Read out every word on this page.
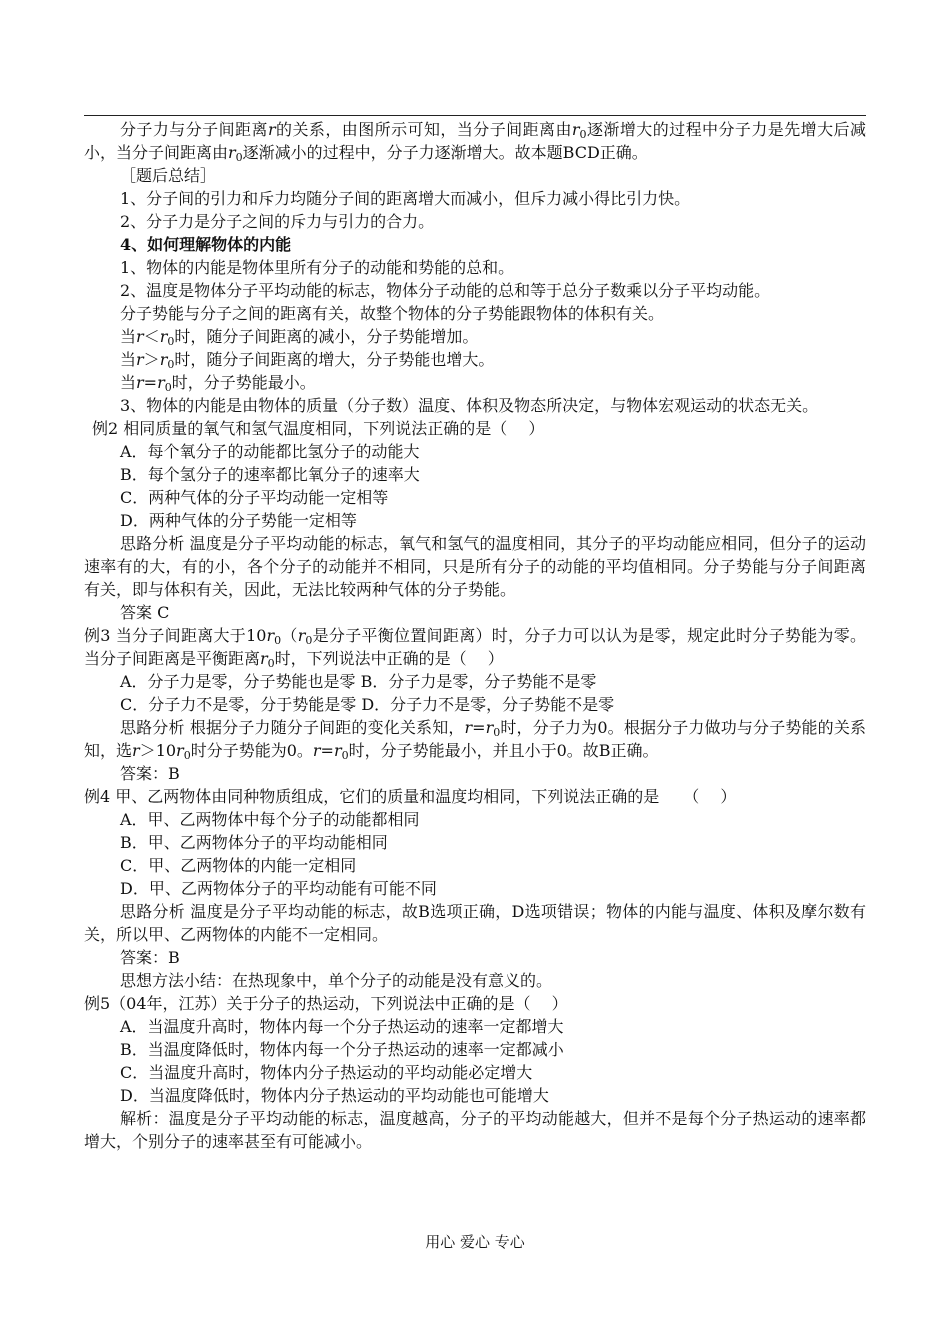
分子力与分子间距离r的关系，由图所示可知，当分子间距离由$r_0$逐渐增大的过程中分子力是先增大后减小，当分子间距离由$r_0$逐渐减小的过程中，分子力逐渐增大。故本题BCD正确。

［题后总结］

1、分子间的引力和斥力均随分子间的距离增大而减小，但斥力减小得比引力快。

2、分子力是分子之间的斥力与引力的合力。

4、如何理解物体的内能

1、物体的内能是物体里所有分子的动能和势能的总和。

2、温度是物体分子平均动能的标志，物体分子动能的总和等于总分子数乘以分子平均动能。

分子势能与分子之间的距离有关，故整个物体的分子势能跟物体的体积有关。

当$r<r_0$时，随分子间距离的减小，分子势能增加。

当$r>r_0$时，随分子间距离的增大，分子势能也增大。

当$r=r_0$时，分子势能最小。

3、物体的内能是由物体的质量（分子数）温度、体积及物态所决定，与物体宏观运动的状态无关。

例2 相同质量的氧气和氢气温度相同，下列说法正确的是（　 ）

A．每个氧分子的动能都比氢分子的动能大

B．每个氢分子的速率都比氧分子的速率大

C．两种气体的分子平均动能一定相等

D．两种气体的分子势能一定相等

思路分析 温度是分子平均动能的标志，氧气和氢气的温度相同，其分子的平均动能应相同，但分子的运动速率有的大，有的小，各个分子的动能并不相同，只是所有分子的动能的平均值相同。分子势能与分子间距离有关，即与体积有关，因此，无法比较两种气体的分子势能。

答案 C

例3 当分子间距离大于$10r_0(r_0$是分子平衡位置间距离）时，分子力可以认为是零，规定此时分子势能为零。当分子间距离是平衡距离$r_0$时，下列说法中正确的是（　 ）

A．分子力是零，分子势能也是零 B．分子力是零，分子势能不是零

C．分子力不是零，分于势能是零 D．分子力不是零，分子势能不是零

思路分析 根据分子力随分子间距的变化关系知，$r=r_0$时，分子力为0。根据分子力做功与分子势能的关系知，选$r>10r_0$时分子势能为0。$r=r_0$时，分子势能最小，并且小于0。故B正确。

答案：B

例4 甲、乙两物体由同种物质组成，它们的质量和温度均相同，下列说法正确的是　　（　 ）

A．甲、乙两物体中每个分子的动能都相同

B．甲、乙两物体分子的平均动能相同

C．甲、乙两物体的内能一定相同

D．甲、乙两物体分子的平均动能有可能不同

思路分析 温度是分子平均动能的标志，故B选项正确，D选项错误；物体的内能与温度、体积及摩尔数有关，所以甲、乙两物体的内能不一定相同。

答案：B

思想方法小结：在热现象中，单个分子的动能是没有意义的。

例5（04年，江苏）关于分子的热运动，下列说法中正确的是（　 ）

A．当温度升高时，物体内每一个分子热运动的速率一定都增大

B．当温度降低时，物体内每一个分子热运动的速率一定都减小

C．当温度升高时，物体内分子热运动的平均动能必定增大

D．当温度降低时，物体内分子热运动的平均动能也可能增大

解析：温度是分子平均动能的标志，温度越高，分子的平均动能越大，但并不是每个分子热运动的速率都增大，个别分子的速率甚至有可能减小。

用心 爱心 专心
